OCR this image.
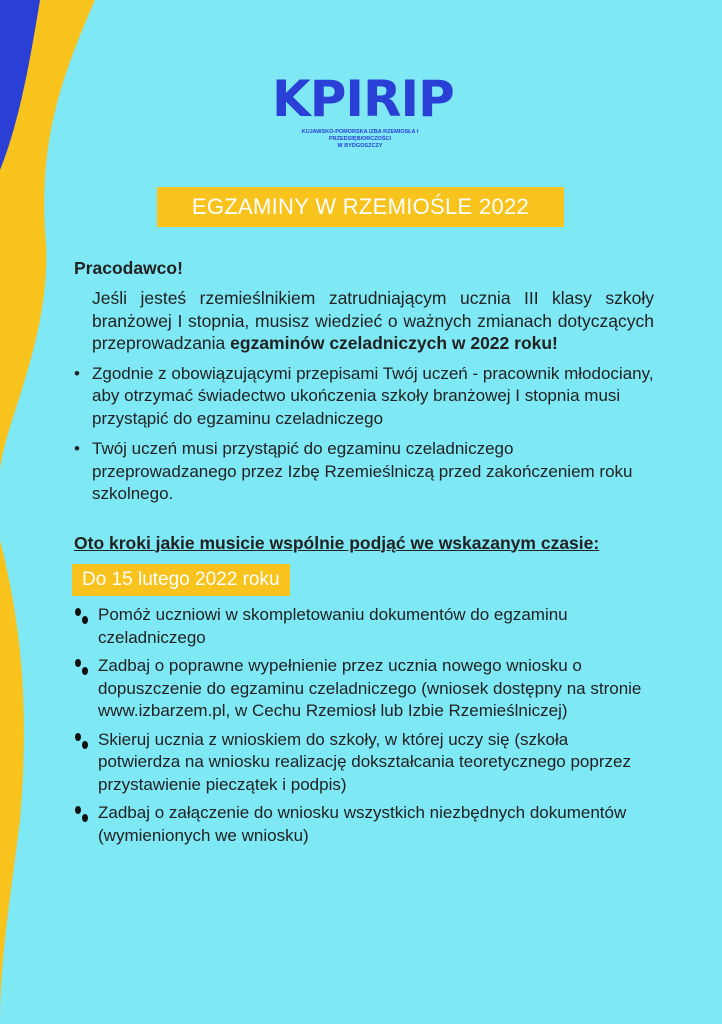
KPIRIP
KUJAWSKO-POMORSKA IZBA RZEMIOSŁA I PRZEDSIĘBIORCZOŚCI
W BYDGOSZCZY
EGZAMINY W RZEMIOŚLE 2022

Pracodawco!

Jeśli jesteś rzemieślnikiem zatrudniającym ucznia III klasy szkoły branżowej I stopnia, musisz wiedzieć o ważnych zmianach dotyczących przeprowadzania egzaminów czeladniczych w 2022 roku!

• Zgodnie z obowiązującymi przepisami Twój uczeń - pracownik młodociany, aby otrzymać świadectwo ukończenia szkoły branżowej I stopnia musi przystąpić do egzaminu czeladniczego
• Twój uczeń musi przystąpić do egzaminu czeladniczego przeprowadzanego przez Izbę Rzemieślniczą przed zakończeniem roku szkolnego.
Oto kroki jakie musicie wspólnie podjąć we wskazanym czasie:
Do 15 lutego 2022 roku
Pomóż uczniowi w skompletowaniu dokumentów do egzaminu czeladniczego
Zadbaj o poprawne wypełnienie przez ucznia nowego wniosku o dopuszczenie do egzaminu czeladniczego (wniosek dostępny na stronie www.izbarzem.pl, w Cechu Rzemiosł lub Izbie Rzemieślniczej)
Skieruj ucznia z wnioskiem do szkoły, w której uczy się (szkoła potwierdza na wniosku realizację dokształcania teoretycznego poprzez przystawienie pieczątek i podpis)
Zadbaj o załączenie do wniosku wszystkich niezbędnych dokumentów (wymienionych we wniosku)
